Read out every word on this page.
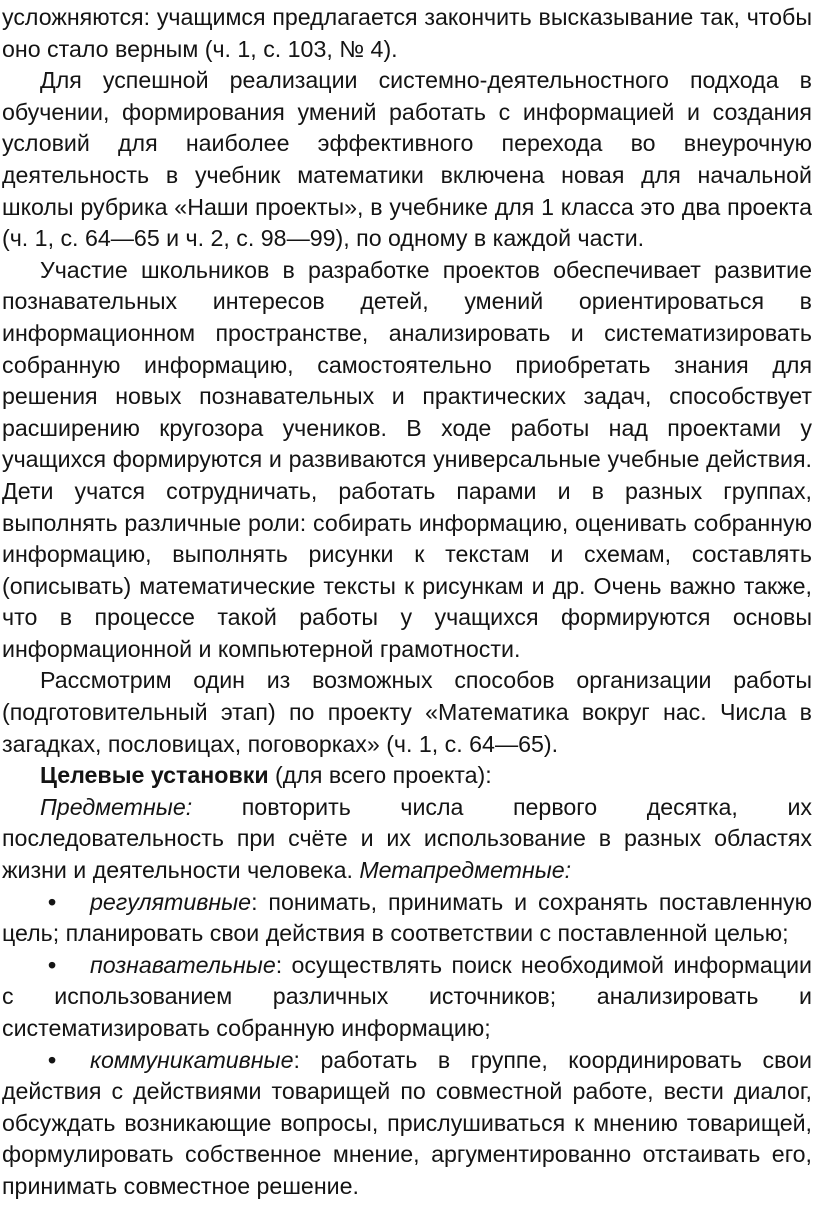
усложняются: учащимся предлагается закончить высказывание так, чтобы оно стало верным (ч. 1, с. 103, № 4).

Для успешной реализации системно-деятельностного подхода в обучении, формирования умений работать с информацией и создания условий для наиболее эффективного перехода во внеурочную деятельность в учебник математики включена новая для начальной школы рубрика «Наши проекты», в учебнике для 1 класса это два проекта (ч. 1, с. 64—65 и ч. 2, с. 98—99), по одному в каждой части.

Участие школьников в разработке проектов обеспечивает развитие познавательных интересов детей, умений ориентироваться в информационном пространстве, анализировать и систематизировать собранную информацию, самостоятельно приобретать знания для решения новых познавательных и практических задач, способствует расширению кругозора учеников. В ходе работы над проектами у учащихся формируются и развиваются универсальные учебные действия. Дети учатся сотрудничать, работать парами и в разных группах, выполнять различные роли: собирать информацию, оценивать собранную информацию, выполнять рисунки к текстам и схемам, составлять (описывать) математические тексты к рисункам и др. Очень важно также, что в процессе такой работы у учащихся формируются основы информационной и компьютерной грамотности.

Рассмотрим один из возможных способов организации работы (подготовительный этап) по проекту «Математика вокруг нас. Числа в загадках, пословицах, поговорках» (ч. 1, с. 64—65).

Целевые установки (для всего проекта):

Предметные: повторить числа первого десятка, их последовательность при счёте и их использование в разных областях жизни и деятельности человека. Метапредметные:

• регулятивные: понимать, принимать и сохранять поставленную цель; планировать свои действия в соответствии с поставленной целью;

• познавательные: осуществлять поиск необходимой информации с использованием различных источников; анализировать и систематизировать собранную информацию;

• коммуникативные: работать в группе, координировать свои действия с действиями товарищей по совместной работе, вести диалог, обсуждать возникающие вопросы, прислушиваться к мнению товарищей, формулировать собственное мнение, аргументированно отстаивать его, принимать совместное решение.
